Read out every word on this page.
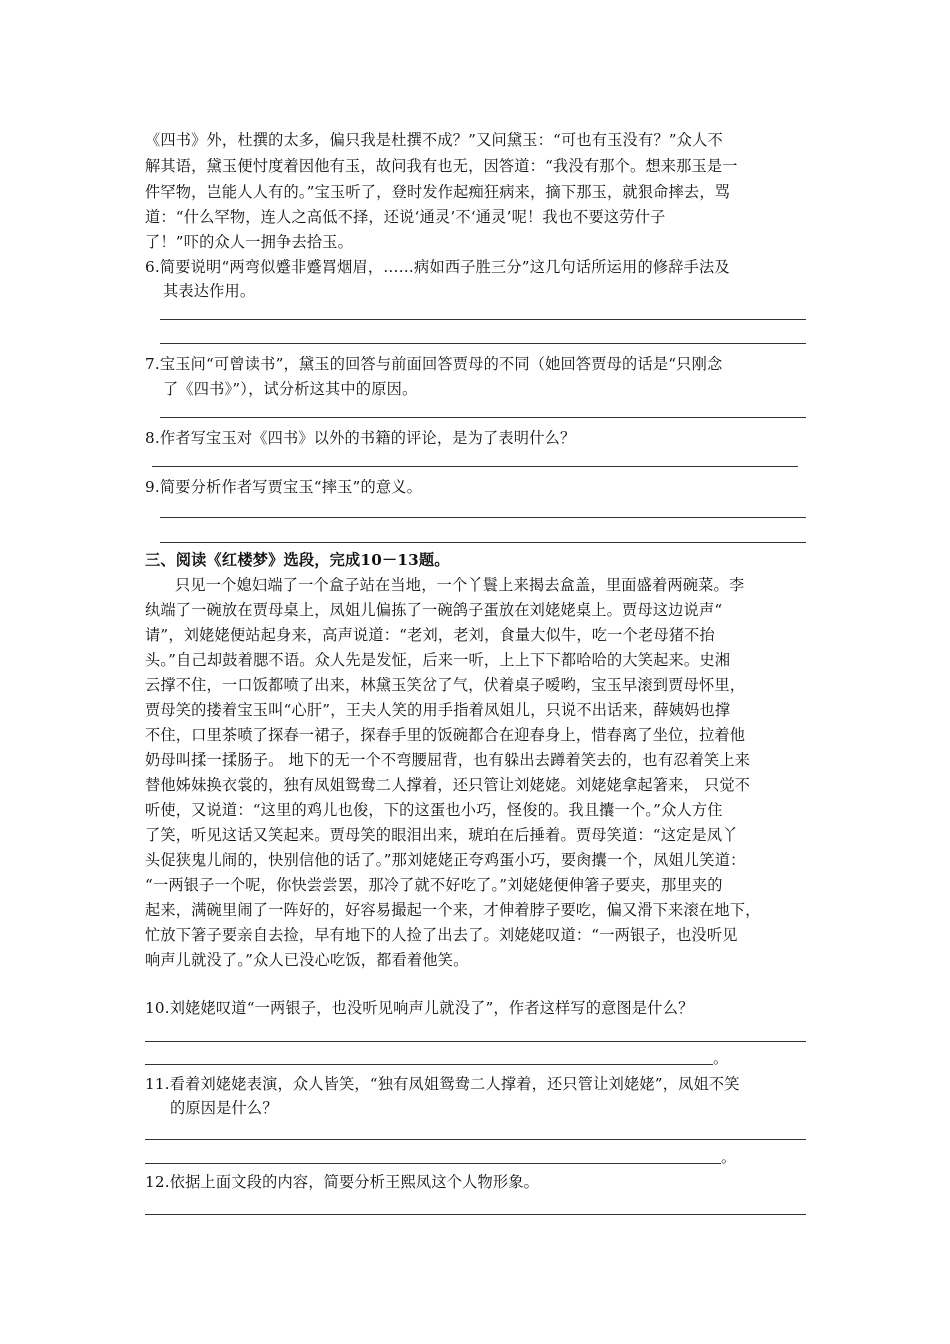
《四书》外，杜撰的太多，偏只我是杜撰不成？”又问黛玉：“可也有玉没有？”众人不
解其语，黛玉便忖度着因他有玉，故问我有也无，因答道：“我没有那个。想来那玉是一
件罕物，岂能人人有的。”宝玉听了，登时发作起痴狂病来，摘下那玉，就狠命摔去，骂
道：“什么罕物，连人之高低不择，还说‘通灵’不‘通灵’呢！我也不要这劳什子
了！”吓的众人一拥争去拾玉。
6.简要说明“两弯似蹙非蹙罥烟眉，……病如西子胜三分”这几句话所运用的修辞手法及
其表达作用。
7.宝玉问“可曾读书”，黛玉的回答与前面回答贾母的不同（她回答贾母的话是“只刚念
了《四书》”），试分析这其中的原因。
8.作者写宝玉对《四书》以外的书籍的评论，是为了表明什么？
9.简要分析作者写贾宝玉“摔玉”的意义。
三、阅读《红楼梦》选段，完成10－13题。
只见一个媳妇端了一个盒子站在当地，一个丫鬟上来揭去盒盖，里面盛着两碗菜。李
纨端了一碗放在贾母桌上，凤姐儿偏拣了一碗鸽子蛋放在刘姥姥桌上。贾母这边说声“
请”，刘姥姥便站起身来，高声说道：“老刘，老刘，食量大似牛，吃一个老母猪不抬
头。”自己却鼓着腮不语。众人先是发怔，后来一听，上上下下都哈哈的大笑起来。史湘
云撑不住，一口饭都喷了出来，林黛玉笑岔了气，伏着桌子嗳哟，宝玉早滚到贾母怀里，
贾母笑的搂着宝玉叫“心肝”，王夫人笑的用手指着凤姐儿，只说不出话来，薛姨妈也撑
不住，口里茶喷了探春一裙子，探春手里的饭碗都合在迎春身上，惜春离了坐位，拉着他
奶母叫揉一揉肠子。 地下的无一个不弯腰屈背，也有躲出去蹲着笑去的，也有忍着笑上来
替他姊妹换衣裳的，独有凤姐鸳鸯二人撑着，还只管让刘姥姥。刘姥姥拿起箸来， 只觉不
听使，又说道：“这里的鸡儿也俊，下的这蛋也小巧，怪俊的。我且攮一个。”众人方住
了笑，听见这话又笑起来。贾母笑的眼泪出来，琥珀在后捶着。贾母笑道：“这定是凤丫
头促狭鬼儿闹的，快别信他的话了。”那刘姥姥正夸鸡蛋小巧，要肏攮一个，凤姐儿笑道：
“一两银子一个呢，你快尝尝罢，那冷了就不好吃了。”刘姥姥便伸箸子要夹，那里夹的
起来，满碗里闹了一阵好的，好容易撮起一个来，才伸着脖子要吃，偏又滑下来滚在地下，
忙放下箸子要亲自去捡，早有地下的人捡了出去了。刘姥姥叹道：“一两银子，也没听见
响声儿就没了。”众人已没心吃饭，都看着他笑。
10.刘姥姥叹道“一两银子，也没听见响声儿就没了”，作者这样写的意图是什么？
。
11.看着刘姥姥表演，众人皆笑，“独有凤姐鸳鸯二人撑着，还只管让刘姥姥”，凤姐不笑
的原因是什么？
。
12.依据上面文段的内容，简要分析王熙凤这个人物形象。
